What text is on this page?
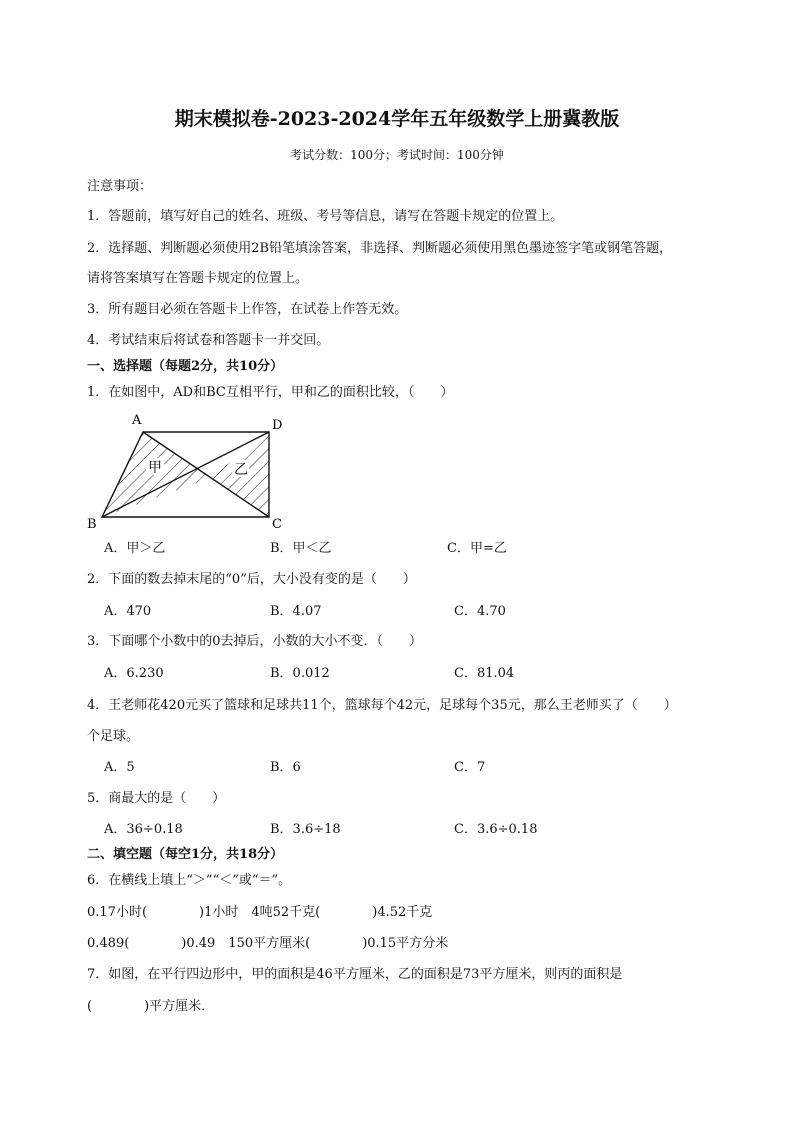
期末模拟卷-2023-2024学年五年级数学上册冀教版
考试分数：100分；考试时间：100分钟
注意事项：
1．答题前，填写好自己的姓名、班级、考号等信息，请写在答题卡规定的位置上。
2．选择题、判断题必须使用2B铅笔填涂答案，非选择、判断题必须使用黑色墨迹签字笔或钢笔答题，
请将答案填写在答题卡规定的位置上。
3．所有题目必须在答题卡上作答，在试卷上作答无效。
4．考试结束后将试卷和答题卡一并交回。
一、选择题（每题2分，共10分）
1．在如图中，AD和BC互相平行，甲和乙的面积比较，（　　）
甲	乙
A	D
B	C
A．甲＞乙	B．甲＜乙	C．甲=乙
2．下面的数去掉末尾的“0”后，大小没有变的是（　　）
A．470	B．4.07	C．4.70
3．下面哪个小数中的0去掉后，小数的大小不变．（　　）
A．6.230	B．0.012	C．81.04
4．王老师花420元买了篮球和足球共11个，篮球每个42元，足球每个35元，那么王老师买了（　　）
个足球。
A．5	B．6	C．7
5．商最大的是（　　）
A．36÷0.18	B．3.6÷18	C．3.6÷0.18
二、填空题（每空1分，共18分）
6．在横线上填上“＞”“＜”或“＝”。
0.17小时(　　　　)1小时　4吨52千克(　　　　)4.52千克
0.489(　　　　)0.49　150平方厘米(　　　　)0.15平方分米
7．如图，在平行四边形中，甲的面积是46平方厘米，乙的面积是73平方厘米，则丙的面积是
(　　　　)平方厘米．
